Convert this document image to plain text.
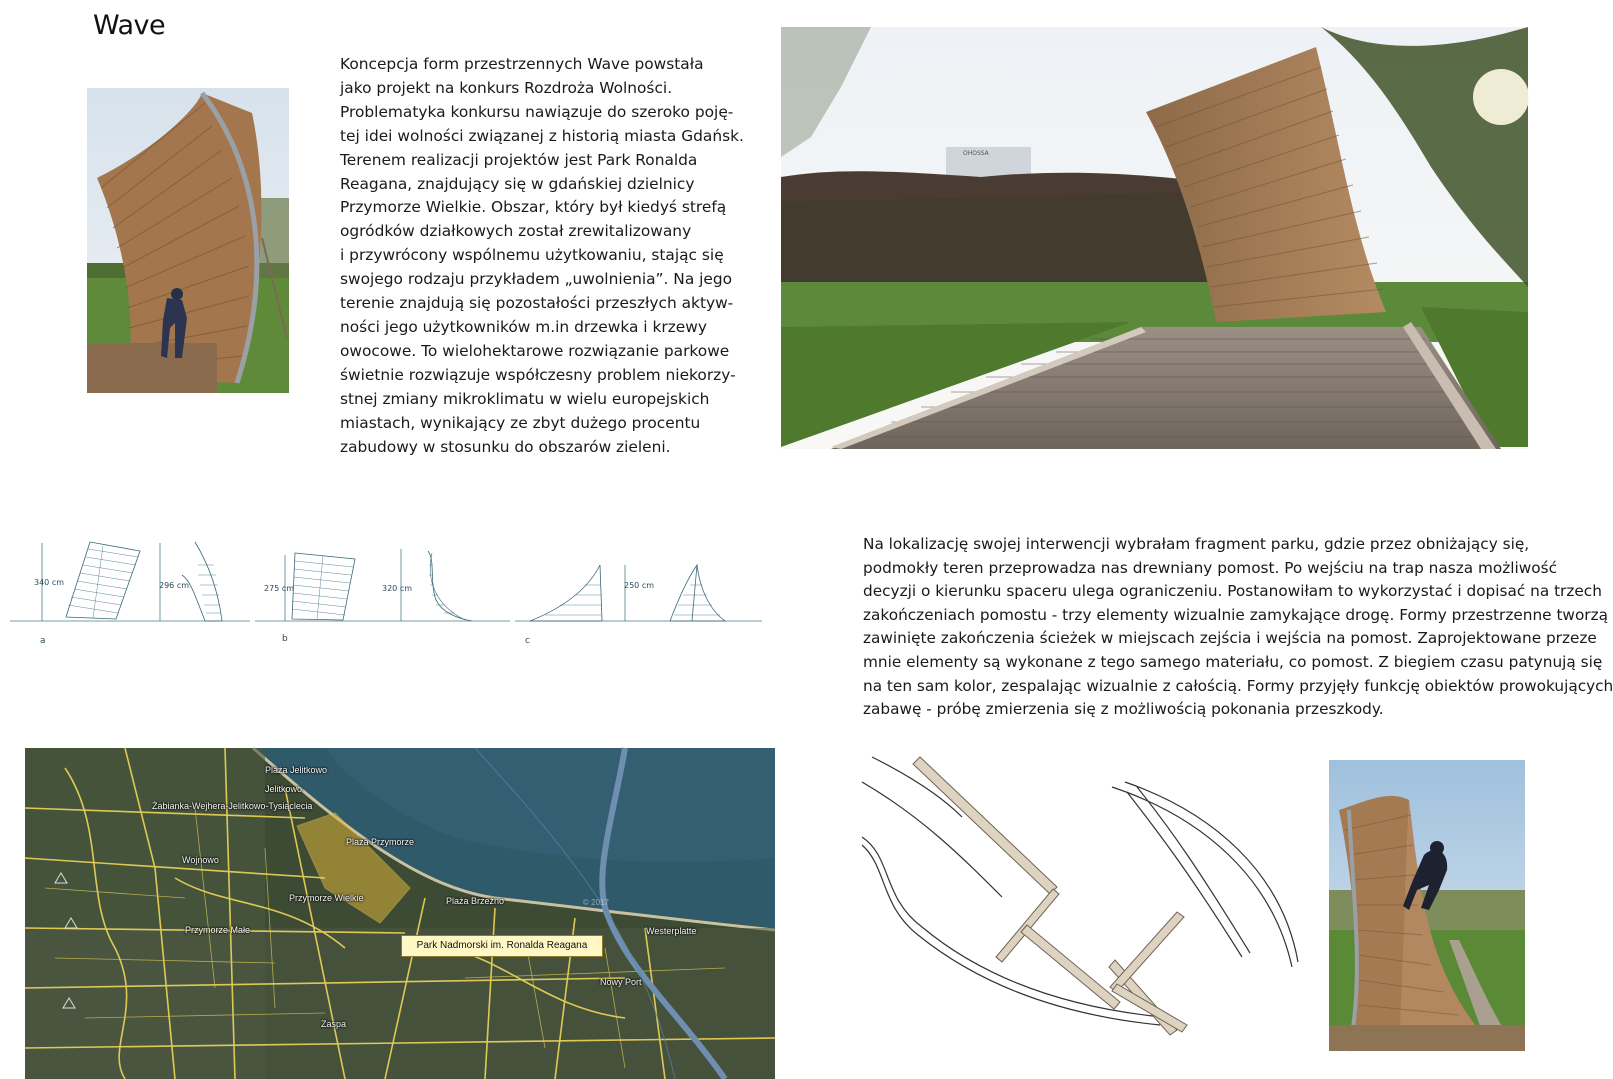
Wave
Koncepcja form przestrzennych Wave powstała
jako projekt na konkurs Rozdroża Wolności.
Problematyka konkursu nawiązuje do szeroko poję-
tej idei wolności związanej z historią miasta Gdańsk.
Terenem realizacji projektów jest Park Ronalda
Reagana, znajdujący się w gdańskiej dzielnicy
Przymorze Wielkie. Obszar, który był kiedyś strefą
ogródków działkowych został zrewitalizowany
i przywrócony wspólnemu użytkowaniu, stając się
swojego rodzaju przykładem „uwolnienia”. Na jego
terenie znajdują się pozostałości przeszłych aktyw-
ności jego użytkowników m.in drzewka i krzewy
owocowe. To wielohektarowe rozwiązanie parkowe
świetnie rozwiązuje współczesny problem niekorzy-
stnej zmiany mikroklimatu w wielu europejskich
miastach, wynikający ze zbyt dużego procentu
zabudowy w stosunku do obszarów zieleni.
OHOSSA
340 cm	296 cm	275 cm	320 cm	250 cm
a	b	c
Na lokalizację swojej interwencji wybrałam fragment parku, gdzie przez obniżający się,
podmokły teren przeprowadza nas drewniany pomost. Po wejściu na trap nasza możliwość
decyzji o kierunku spaceru ulega ograniczeniu. Postanowiłam to wykorzystać i dopisać na trzech
zakończeniach pomostu - trzy elementy wizualnie zamykające drogę. Formy przestrzenne tworzą
zawinięte zakończenia ścieżek w miejscach zejścia i wejścia na pomost. Zaprojektowane przeze
mnie elementy są wykonane z tego samego materiału, co pomost. Z biegiem czasu patynują się
na ten sam kolor, zespalając wizualnie z całością. Formy przyjęły funkcję obiektów prowokujących
zabawę - próbę zmierzenia się z możliwością pokonania przeszkody.
© 2017
Plaża Jelitkowo
Jelitkowo
Żabianka-Wejhera-Jelitkowo-Tysiąclecia
Plaża Przymorze
Wojnowo
Przymorze Wielkie	Plaża Brzeźno
Przymorze Małe	Westerplatte
Nowy Port
Zaspa
Park Nadmorski im. Ronalda Reagana
